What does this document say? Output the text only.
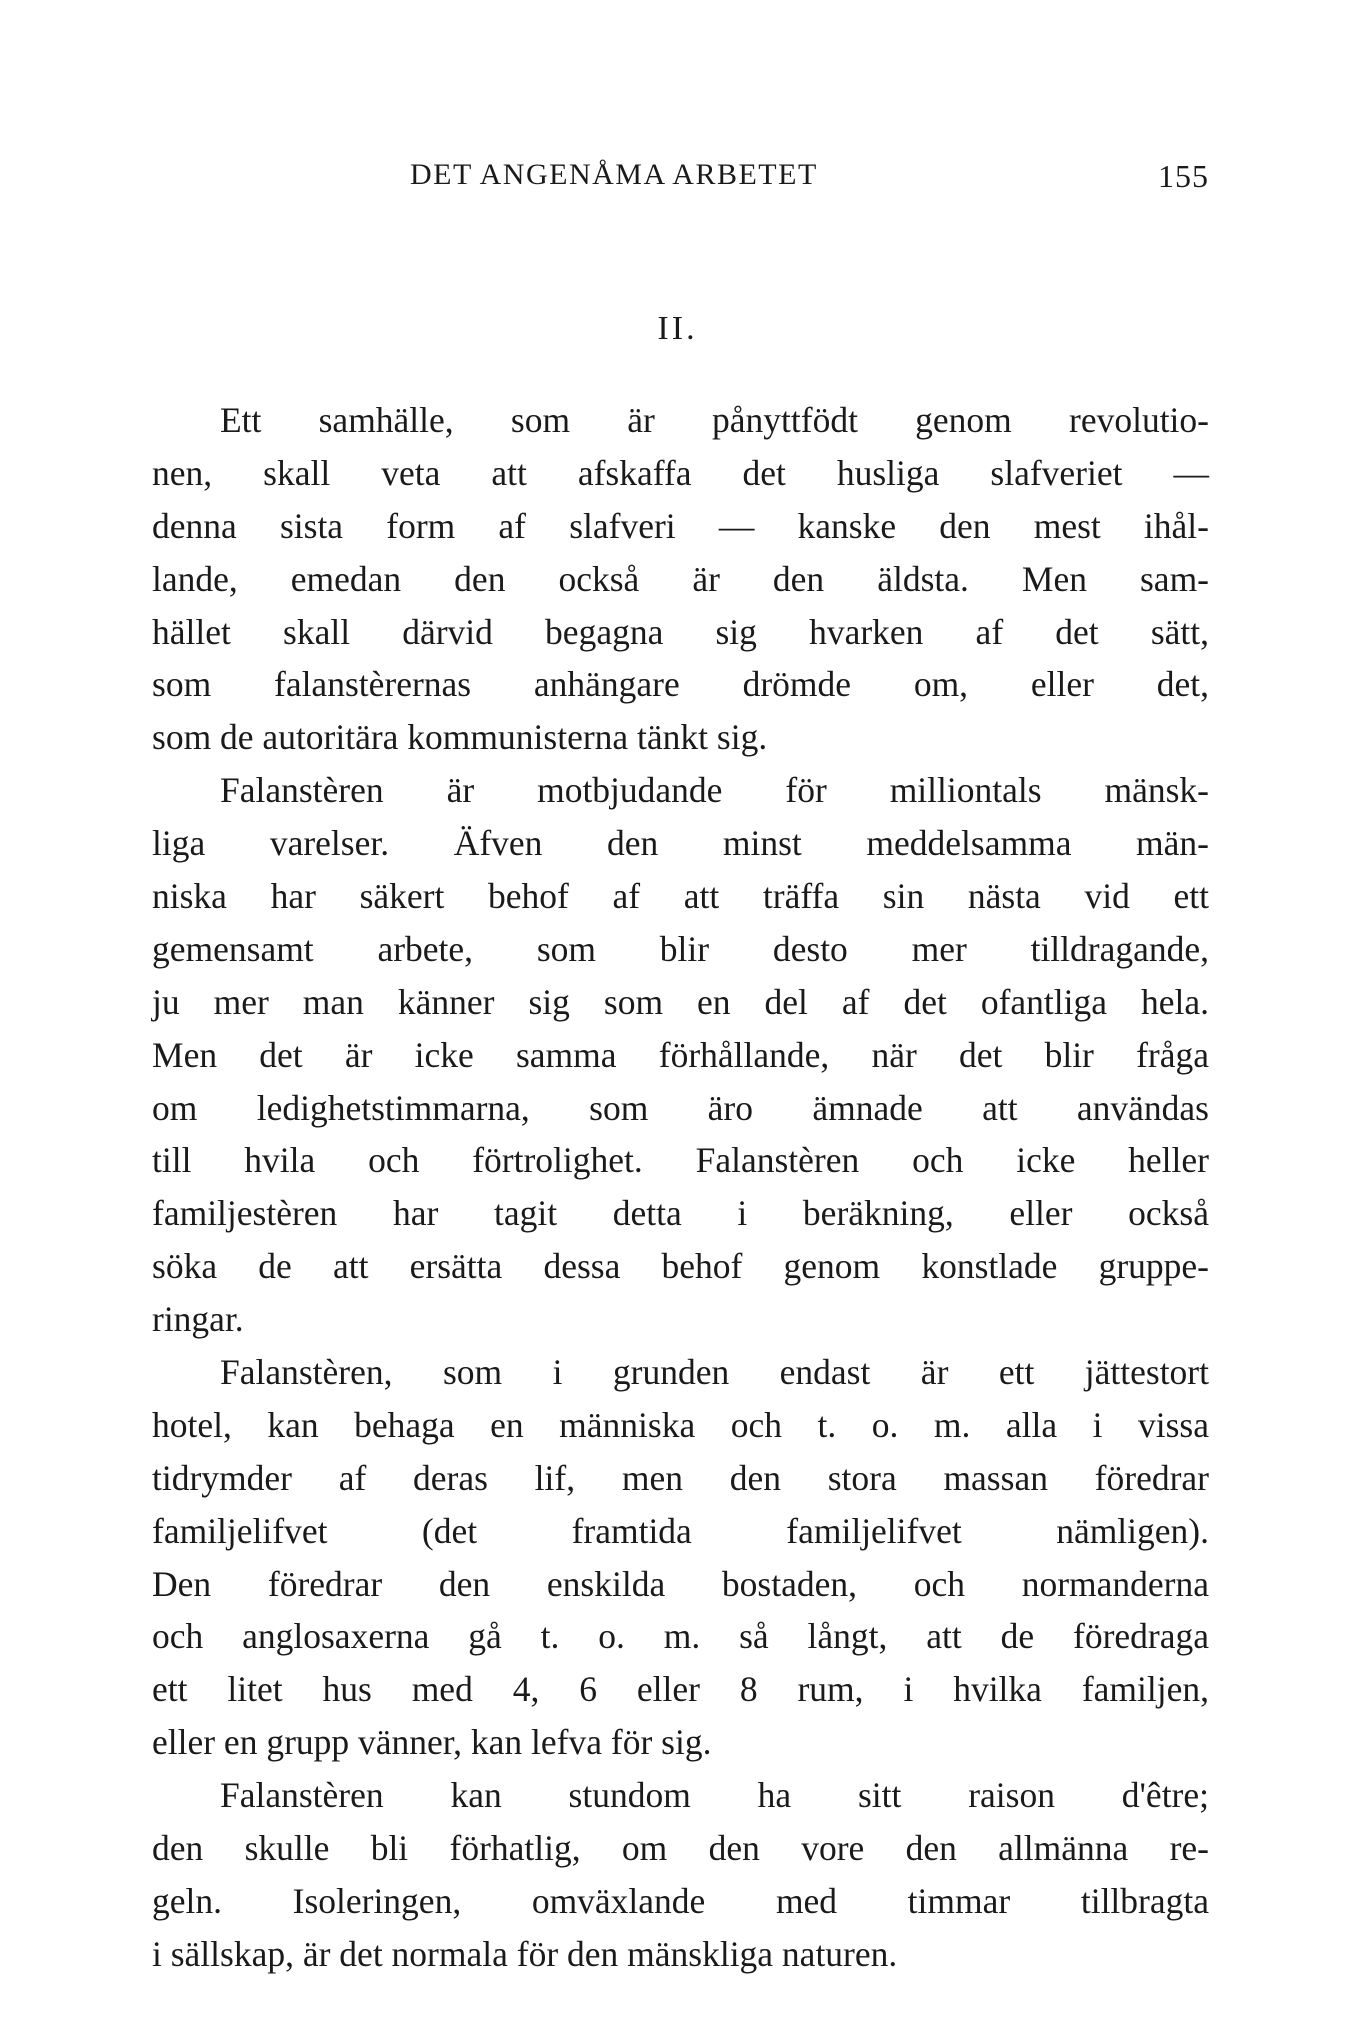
DET ANGENÅMA ARBETET	155
II.
Ett samhälle, som är pånyttfödt genom revolutio-
nen, skall veta att afskaffa det husliga slafveriet —
denna sista form af slafveri — kanske den mest ihål-
lande, emedan den också är den äldsta. Men sam-
hället skall därvid begagna sig hvarken af det sätt,
som falanstèrernas anhängare drömde om, eller det,
som de autoritära kommunisterna tänkt sig.
Falanstèren är motbjudande för milliontals mänsk-
liga varelser. Äfven den minst meddelsamma män-
niska har säkert behof af att träffa sin nästa vid ett
gemensamt arbete, som blir desto mer tilldragande,
ju mer man känner sig som en del af det ofantliga hela.
Men det är icke samma förhållande, när det blir fråga
om ledighetstimmarna, som äro ämnade att användas
till hvila och förtrolighet. Falanstèren och icke heller
familjestèren har tagit detta i beräkning, eller också
söka de att ersätta dessa behof genom konstlade gruppe-
ringar.
Falanstèren, som i grunden endast är ett jättestort
hotel, kan behaga en människa och t. o. m. alla i vissa
tidrymder af deras lif, men den stora massan föredrar
familjelifvet (det framtida familjelifvet nämligen).
Den föredrar den enskilda bostaden, och normanderna
och anglosaxerna gå t. o. m. så långt, att de föredraga
ett litet hus med 4, 6 eller 8 rum, i hvilka familjen,
eller en grupp vänner, kan lefva för sig.
Falanstèren kan stundom ha sitt raison d'être;
den skulle bli förhatlig, om den vore den allmänna re-
geln. Isoleringen, omväxlande med timmar tillbragta
i sällskap, är det normala för den mänskliga naturen.
